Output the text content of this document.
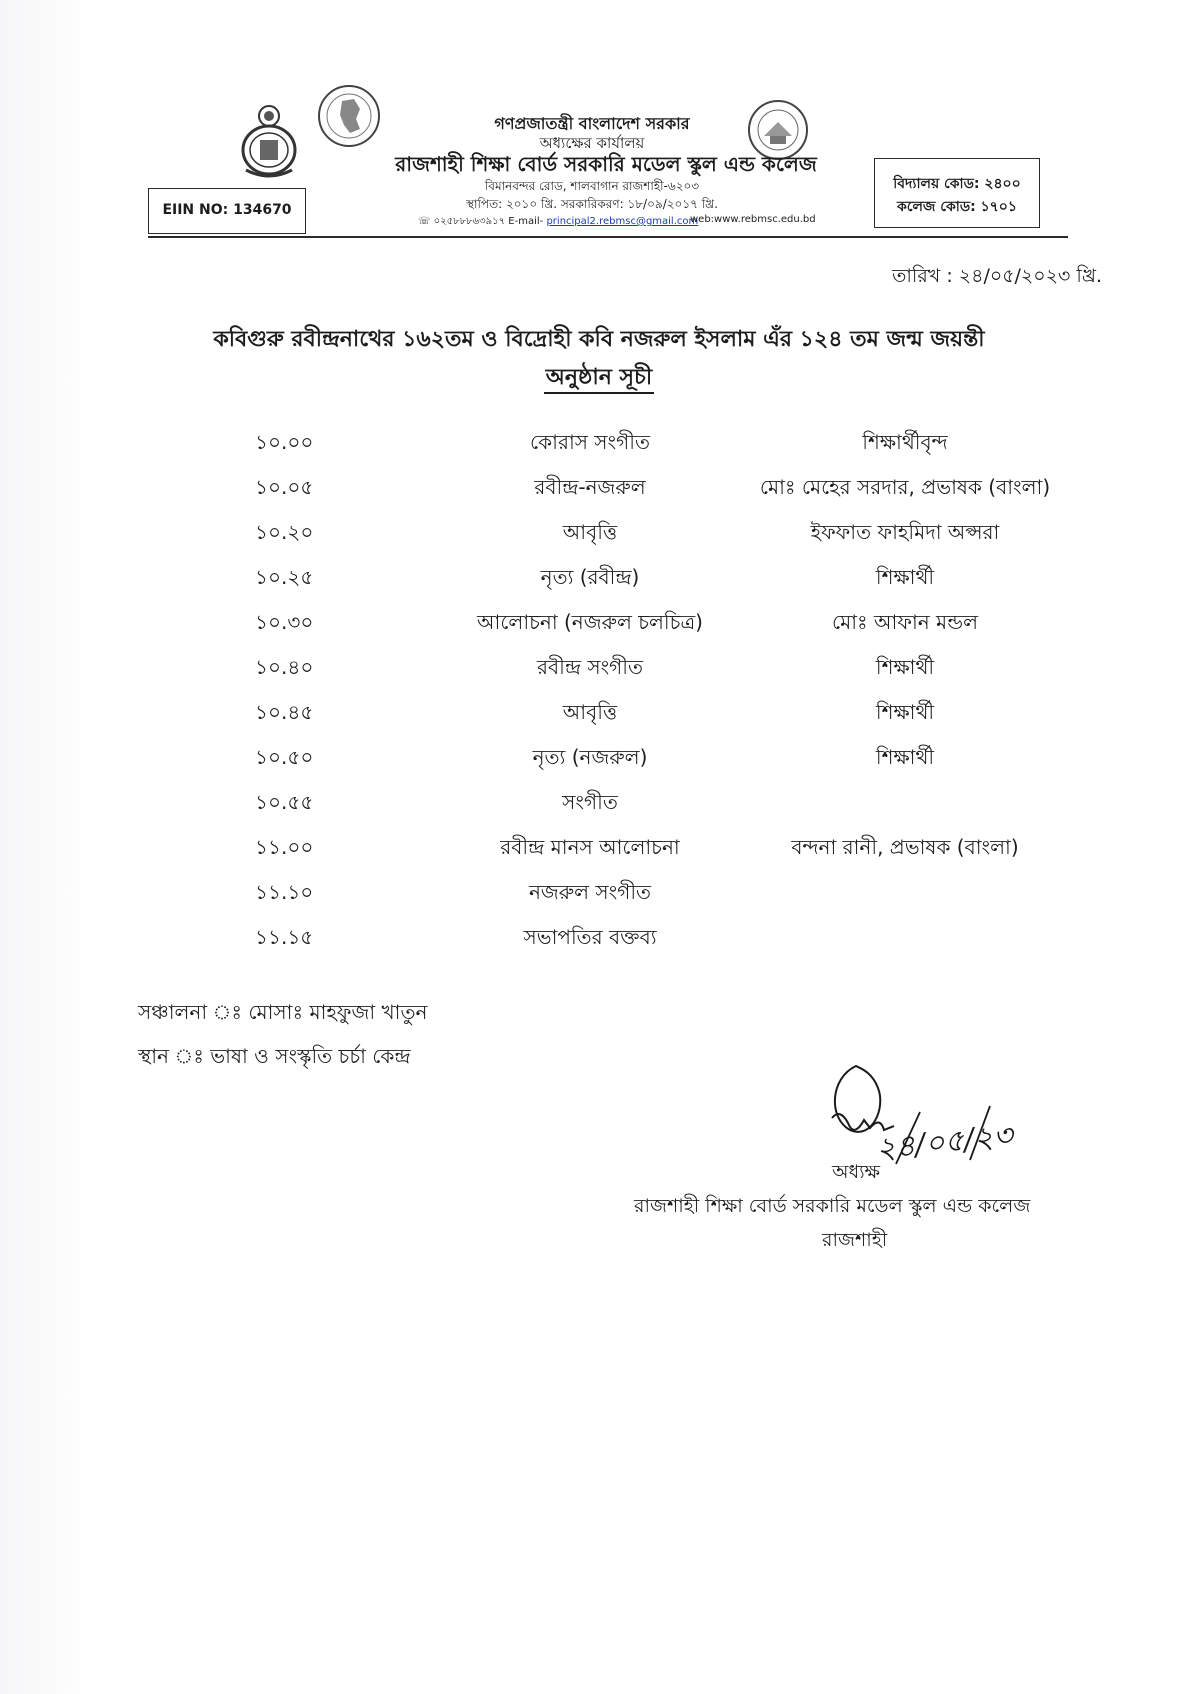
গণপ্রজাতন্ত্রী বাংলাদেশ সরকার
অধ্যক্ষের কার্যালয়
রাজশাহী শিক্ষা বোর্ড সরকারি মডেল স্কুল এন্ড কলেজ
বিমানবন্দর রোড, শালবাগান রাজশাহী-৬২০৩
স্থাপিত: ২০১০ খ্রি. সরকারিকরণ: ১৮/০৯/২০১৭ খ্রি.
☏ ০২৫৮৮৮৬৩৯১৭ E-mail- principal2.rebmsc@gmail.com
web:www.rebmsc.edu.bd
EIIN NO: 134670
বিদ্যালয় কোড: ২৪০০
কলেজ কোড: ১৭০১
তারিখ : ২৪/০৫/২০২৩ খ্রি.
কবিগুরু রবীন্দ্রনাথের ১৬২তম ও বিদ্রোহী কবি নজরুল ইসলাম এঁর ১২৪ তম জন্ম জয়ন্তী
অনুষ্ঠান সূচী
১০.০০	কোরাস সংগীত	শিক্ষার্থীবৃন্দ
১০.০৫	রবীন্দ্র-নজরুল	মোঃ মেহের সরদার, প্রভাষক (বাংলা)
১০.২০	আবৃত্তি	ইফফাত ফাহমিদা অপ্সরা
১০.২৫	নৃত্য (রবীন্দ্র)	শিক্ষার্থী
১০.৩০	আলোচনা (নজরুল চলচিত্র)	মোঃ আফান মন্ডল
১০.৪০	রবীন্দ্র সংগীত	শিক্ষার্থী
১০.৪৫	আবৃত্তি	শিক্ষার্থী
১০.৫০	নৃত্য (নজরুল)	শিক্ষার্থী
১০.৫৫	সংগীত
১১.০০	রবীন্দ্র মানস আলোচনা	বন্দনা রানী, প্রভাষক (বাংলা)
১১.১০	নজরুল সংগীত
১১.১৫	সভাপতির বক্তব্য
সঞ্চালনা ঃ মোসাঃ মাহফুজা খাতুন
স্থান ঃ ভাষা ও সংস্কৃতি চর্চা কেন্দ্র
২৪/০৫/২৩
অধ্যক্ষ
রাজশাহী শিক্ষা বোর্ড সরকারি মডেল স্কুল এন্ড কলেজ
রাজশাহী
